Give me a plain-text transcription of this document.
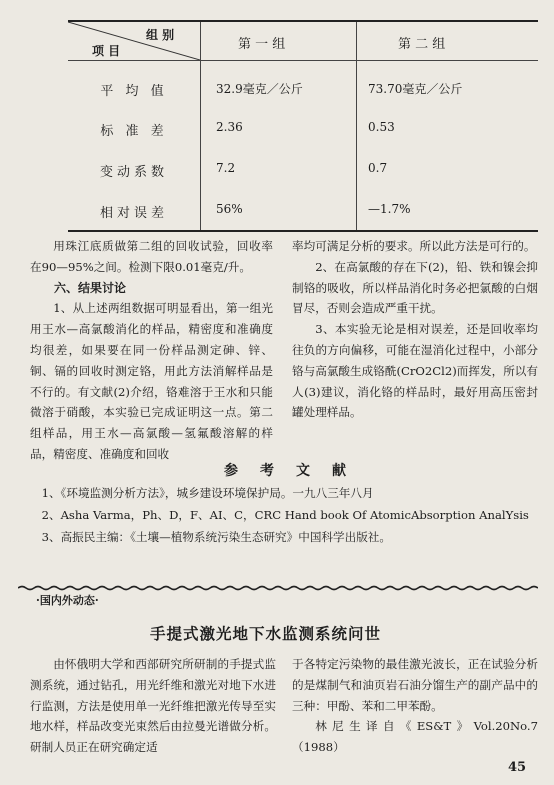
组 别
项 目	第 一 组	第 二 组
平 均 值	32.9毫克／公斤	73.70毫克／公斤
标 准 差	2.36	0.53
变动系数	7.2	0.7
相对误差	56%	—1.7%

用珠江底质做第二组的回收试验，回收率在90—95%之间。检测下限0.01毫克/升。

六、结果讨论

1、从上述两组数据可明显看出，第一组光用王水—高氯酸消化的样品，精密度和准确度均很差，如果要在同一份样品测定砷、锌、铜、镉的回收时测定铬，用此方法消解样品是不行的。有文献(2)介绍，铬难溶于王水和只能微溶于硝酸，本实验已完成证明这一点。第二组样品，用王水—高氯酸—氢氟酸溶解的样品，精密度、准确度和回收

率均可满足分析的要求。所以此方法是可行的。

2、在高氯酸的存在下(2)，铅、铁和镍会抑制铬的吸收，所以样品消化时务必把氯酸的白烟冒尽，否则会造成严重干扰。

3、本实验无论是相对误差，还是回收率均往负的方向偏移，可能在湿消化过程中，小部分铬与高氯酸生成铬酰(CrO2Cl2)而挥发，所以有人(3)建议，消化铬的样品时，最好用高压密封罐处理样品。

参考文献
1、《环境监测分析方法》，城乡建设环境保护局。一九八三年八月
2、Asha Varma，Ph、D，F、AI、C，CRC Hand book Of AtomicAbsorption AnalYsis
3、高振民主编：《土壤—植物系统污染生态研究》中国科学出版社。
·国内外动态·
手提式激光地下水监测系统问世

由怀俄明大学和西部研究所研制的手提式监测系统，通过钻孔，用光纤维和激光对地下水进行监测，方法是使用单一光纤维把激光传导至实地水样，样品改变光束然后由拉曼光谱做分析。研制人员正在研究确定适

于各特定污染物的最佳激光波长，正在试验分析的是煤制气和油页岩石油分馏生产的副产品中的三种：甲酚、苯和二甲苯酚。

林尼生译自《ES&T》Vol.20No.7（1988）

45
